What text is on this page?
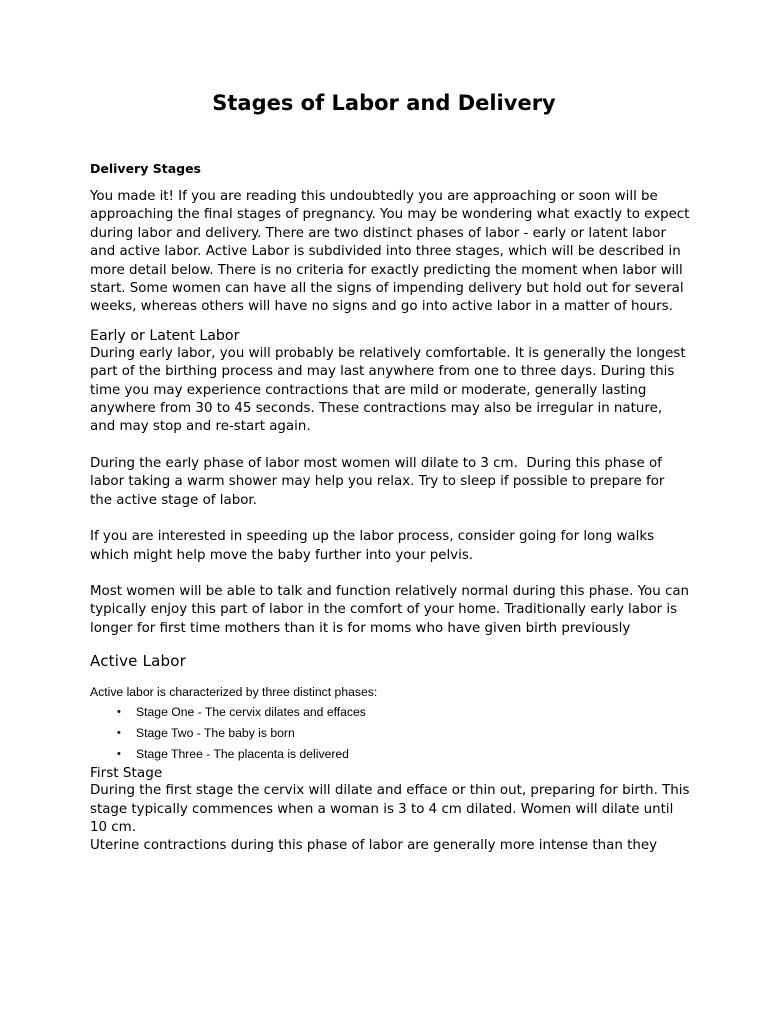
Stages of Labor and Delivery
Delivery Stages

You made it! If you are reading this undoubtedly you are approaching or soon will be approaching the final stages of pregnancy. You may be wondering what exactly to expect during labor and delivery. There are two distinct phases of labor - early or latent labor and active labor. Active Labor is subdivided into three stages, which will be described in more detail below. There is no criteria for exactly predicting the moment when labor will start. Some women can have all the signs of impending delivery but hold out for several weeks, whereas others will have no signs and go into active labor in a matter of hours.

Early or Latent Labor

During early labor, you will probably be relatively comfortable. It is generally the longest part of the birthing process and may last anywhere from one to three days. During this time you may experience contractions that are mild or moderate, generally lasting anywhere from 30 to 45 seconds. These contractions may also be irregular in nature, and may stop and re-start again.

During the early phase of labor most women will dilate to 3 cm.  During this phase of labor taking a warm shower may help you relax. Try to sleep if possible to prepare for the active stage of labor.

If you are interested in speeding up the labor process, consider going for long walks which might help move the baby further into your pelvis.

Most women will be able to talk and function relatively normal during this phase. You can typically enjoy this part of labor in the comfort of your home. Traditionally early labor is longer for first time mothers than it is for moms who have given birth previously

Active Labor
Active labor is characterized by three distinct phases:
• Stage One - The cervix dilates and effaces
• Stage Two - The baby is born
• Stage Three - The placenta is delivered
First Stage

During the first stage the cervix will dilate and efface or thin out, preparing for birth. This stage typically commences when a woman is 3 to 4 cm dilated. Women will dilate until 10 cm.

Uterine contractions during this phase of labor are generally more intense than they
